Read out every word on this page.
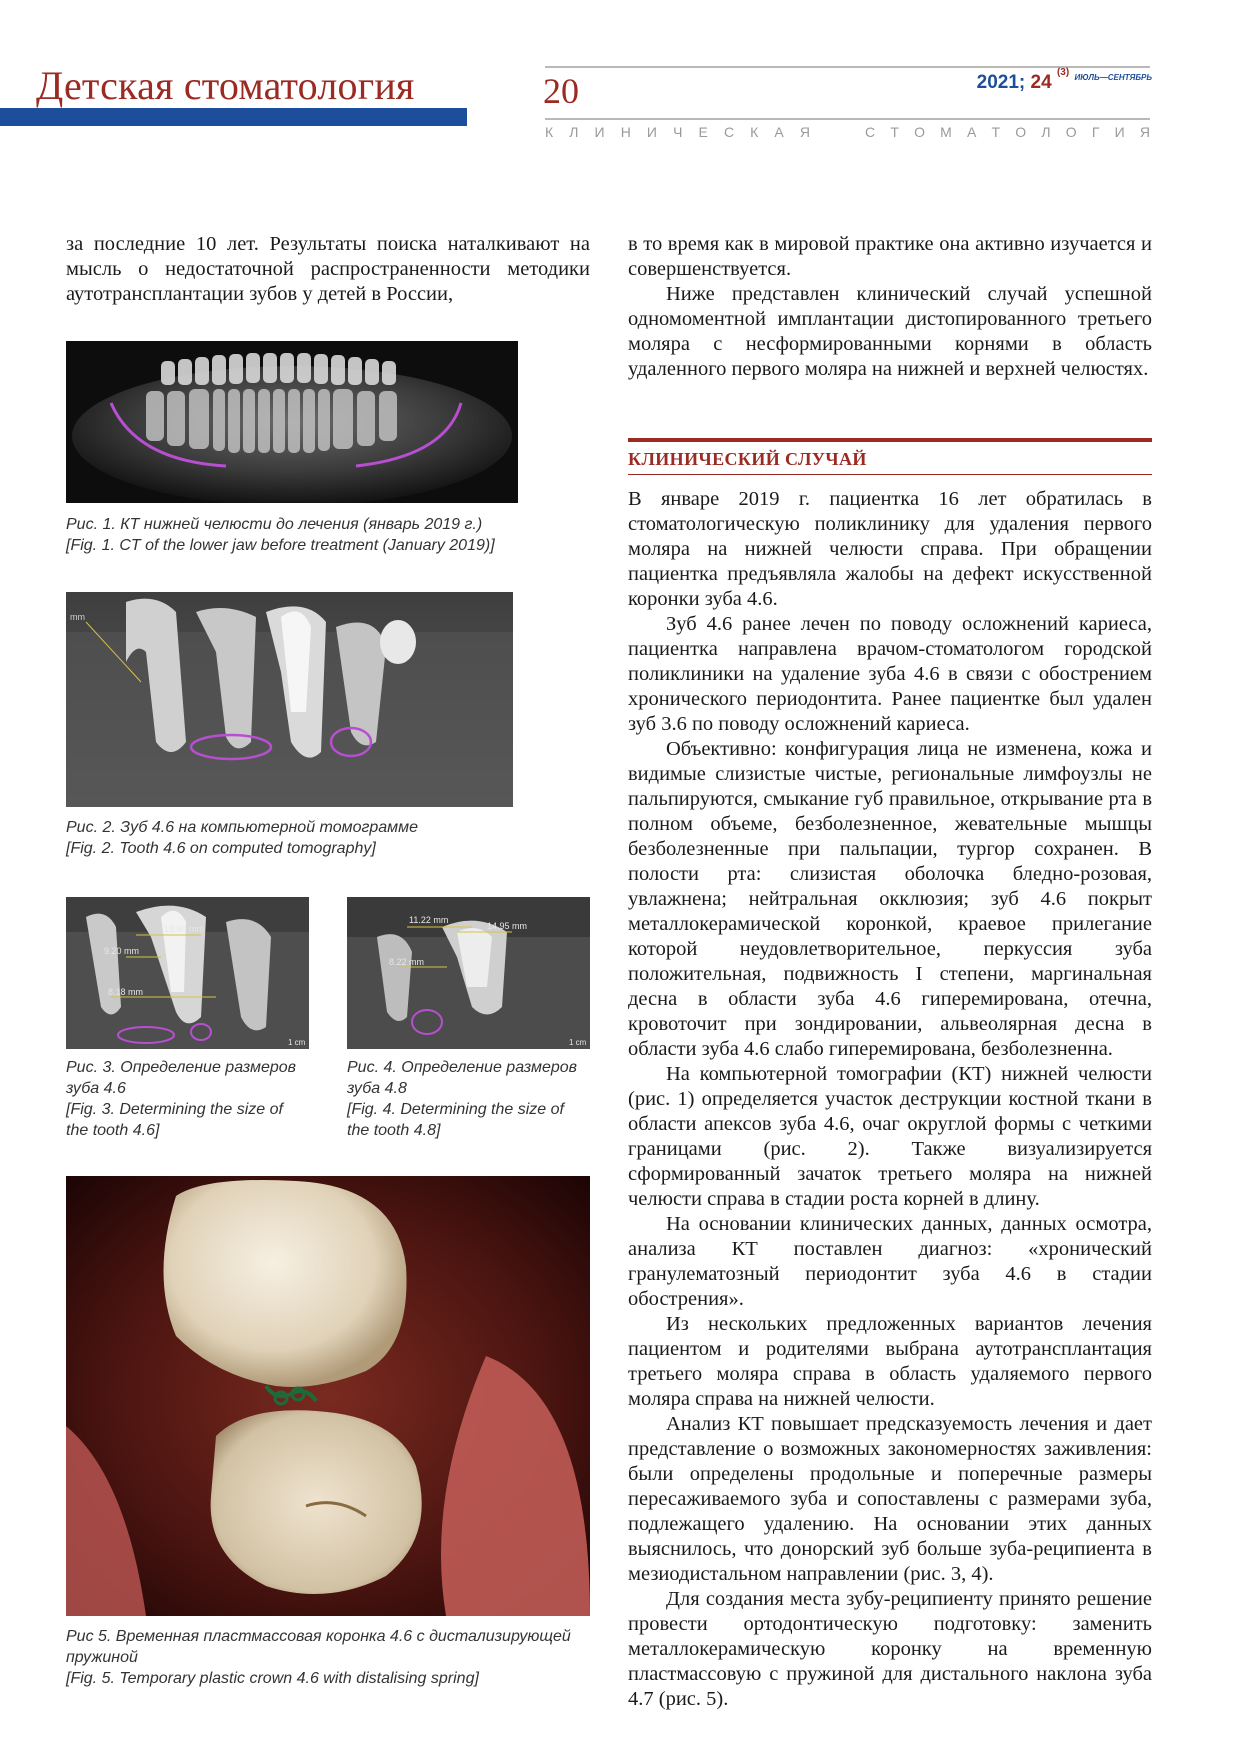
Детская стоматология	20	2021; 24 $^{(3)}$ $^{ИЮЛЬ—СЕНТЯБРЬ}$
К Л И Н И Ч Е С К А Я	С Т О М А Т О Л О Г И Я

за последние 10 лет. Результаты поиска наталкивают на мысль о недостаточной распространенности методики аутотрансплантации зубов у детей в России,

Рис. 1. КТ нижней челюсти до лечения (январь 2019 г.)
[Fig. 1. CT of the lower jaw before treatment (January 2019)]
mm
Рис. 2. Зуб 4.6 на компьютерной томограмме
[Fig. 2. Tooth 4.6 on computed tomography]
18.60 mm
9.20 mm
8.18 mm
1 cm
Рис. 3. Определение размеров зуба 4.6
[Fig. 3. Determining the size of the tooth 4.6]
11.22 mm
14.95 mm
8.22 mm
1 cm
Рис. 4. Определение размеров зуба 4.8
[Fig. 4. Determining the size of the tooth 4.8]
Рис 5. Временная пластмассовая коронка 4.6 с дистализирующей пружиной
[Fig. 5. Temporary plastic crown 4.6 with distalising spring]

в то время как в мировой практике она активно изучается и совершенствуется.

Ниже представлен клинический случай успешной одномоментной имплантации дистопированного третьего моляра с несформированными корнями в область удаленного первого моляра на нижней и верхней челюстях.

КЛИНИЧЕСКИЙ СЛУЧАЙ

В январе 2019 г. пациентка 16 лет обратилась в стоматологическую поликлинику для удаления первого моляра на нижней челюсти справа. При обращении пациентка предъявляла жалобы на дефект искусственной коронки зуба 4.6.

Зуб 4.6 ранее лечен по поводу осложнений кариеса, пациентка направлена врачом-стоматологом городской поликлиники на удаление зуба 4.6 в связи с обострением хронического периодонтита. Ранее пациентке был удален зуб 3.6 по поводу осложнений кариеса.

Объективно: конфигурация лица не изменена, кожа и видимые слизистые чистые, региональные лимфоузлы не пальпируются, смыкание губ правильное, открывание рта в полном объеме, безболезненное, жевательные мышцы безболезненные при пальпации, тургор сохранен. В полости рта: слизистая оболочка бледно-розовая, увлажнена; нейтральная окклюзия; зуб 4.6 покрыт металлокерамической коронкой, краевое прилегание которой неудовлетворительное, перкуссия зуба положительная, подвижность I степени, маргинальная десна в области зуба 4.6 гиперемирована, отечна, кровоточит при зондировании, альвеолярная десна в области зуба 4.6 слабо гиперемирована, безболезненна.

На компьютерной томографии (КТ) нижней челюсти (рис. 1) определяется участок деструкции костной ткани в области апексов зуба 4.6, очаг округлой формы с четкими границами (рис. 2). Также визуализируется сформированный зачаток третьего моляра на нижней челюсти справа в стадии роста корней в длину.

На основании клинических данных, данных осмотра, анализа КТ поставлен диагноз: «хронический гранулематозный периодонтит зуба 4.6 в стадии обострения».

Из нескольких предложенных вариантов лечения пациентом и родителями выбрана аутотрансплантация третьего моляра справа в область удаляемого первого моляра справа на нижней челюсти.

Анализ КТ повышает предсказуемость лечения и дает представление о возможных закономерностях заживления: были определены продольные и поперечные размеры пересаживаемого зуба и сопоставлены с размерами зуба, подлежащего удалению. На основании этих данных выяснилось, что донорский зуб больше зуба-реципиента в мезиодистальном направлении (рис. 3, 4).

Для создания места зубу-реципиенту принято решение провести ортодонтическую подготовку: заменить металлокерамическую коронку на временную пластмассовую с пружиной для дистального наклона зуба 4.7 (рис. 5).
